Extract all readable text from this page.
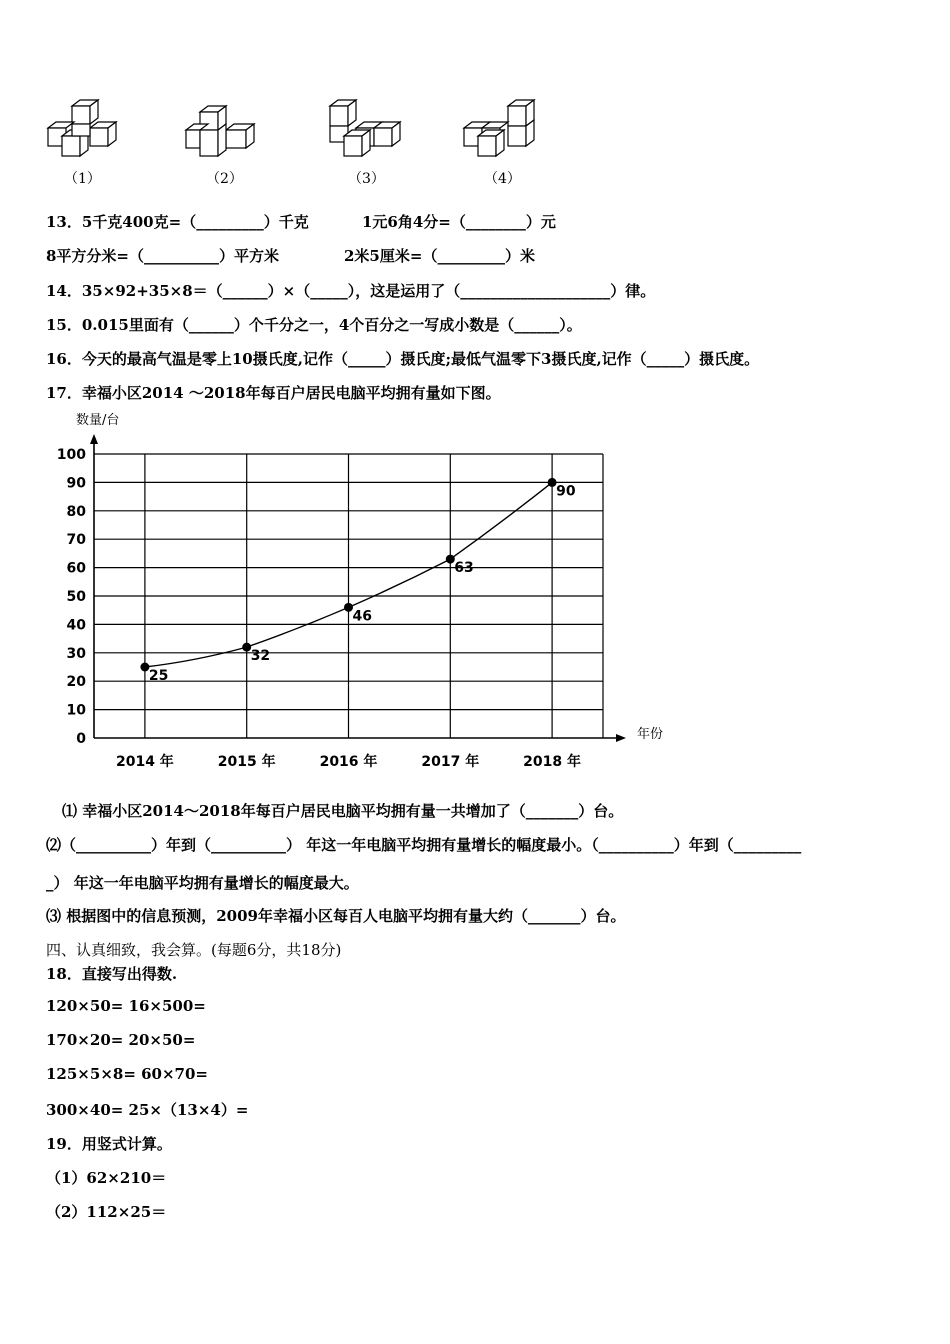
（1）	（2）	（3）	（4）
13．5千克400克=（_________）千克	1元6角4分=（________）元
8平方分米=（__________）平方米	2米5厘米=（_________）米
14．35×92+35×8＝（______）×（_____），这是运用了（____________________）律。
15．0.015里面有（______）个千分之一，4个百分之一写成小数是（______）。
16．今天的最高气温是零上10摄氏度,记作（_____）摄氏度;最低气温零下3摄氏度,记作（_____）摄氏度。
17．幸福小区2014 ～2018年每百户居民电脑平均拥有量如下图。
数量/台
年份
0
10
20
30
40
50
60
70
80
90
100
2014 年	2015 年	2016 年	2017 年	2018 年
25
32
46
63
90
⑴ 幸福小区2014～2018年每百户居民电脑平均拥有量一共增加了（_______）台。
⑵（__________）年到（__________） 年这一年电脑平均拥有量增长的幅度最小。（__________）年到（_________
_） 年这一年电脑平均拥有量增长的幅度最大。
⑶ 根据图中的信息预测，2009年幸福小区每百人电脑平均拥有量大约（_______）台。
四、认真细致，我会算。(每题6分，共18分)
18．直接写出得数.
120×50= 16×500=
170×20= 20×50=
125×5×8= 60×70=
300×40= 25×（13×4）=
19．用竖式计算。
（1）62×210＝
（2）112×25＝
